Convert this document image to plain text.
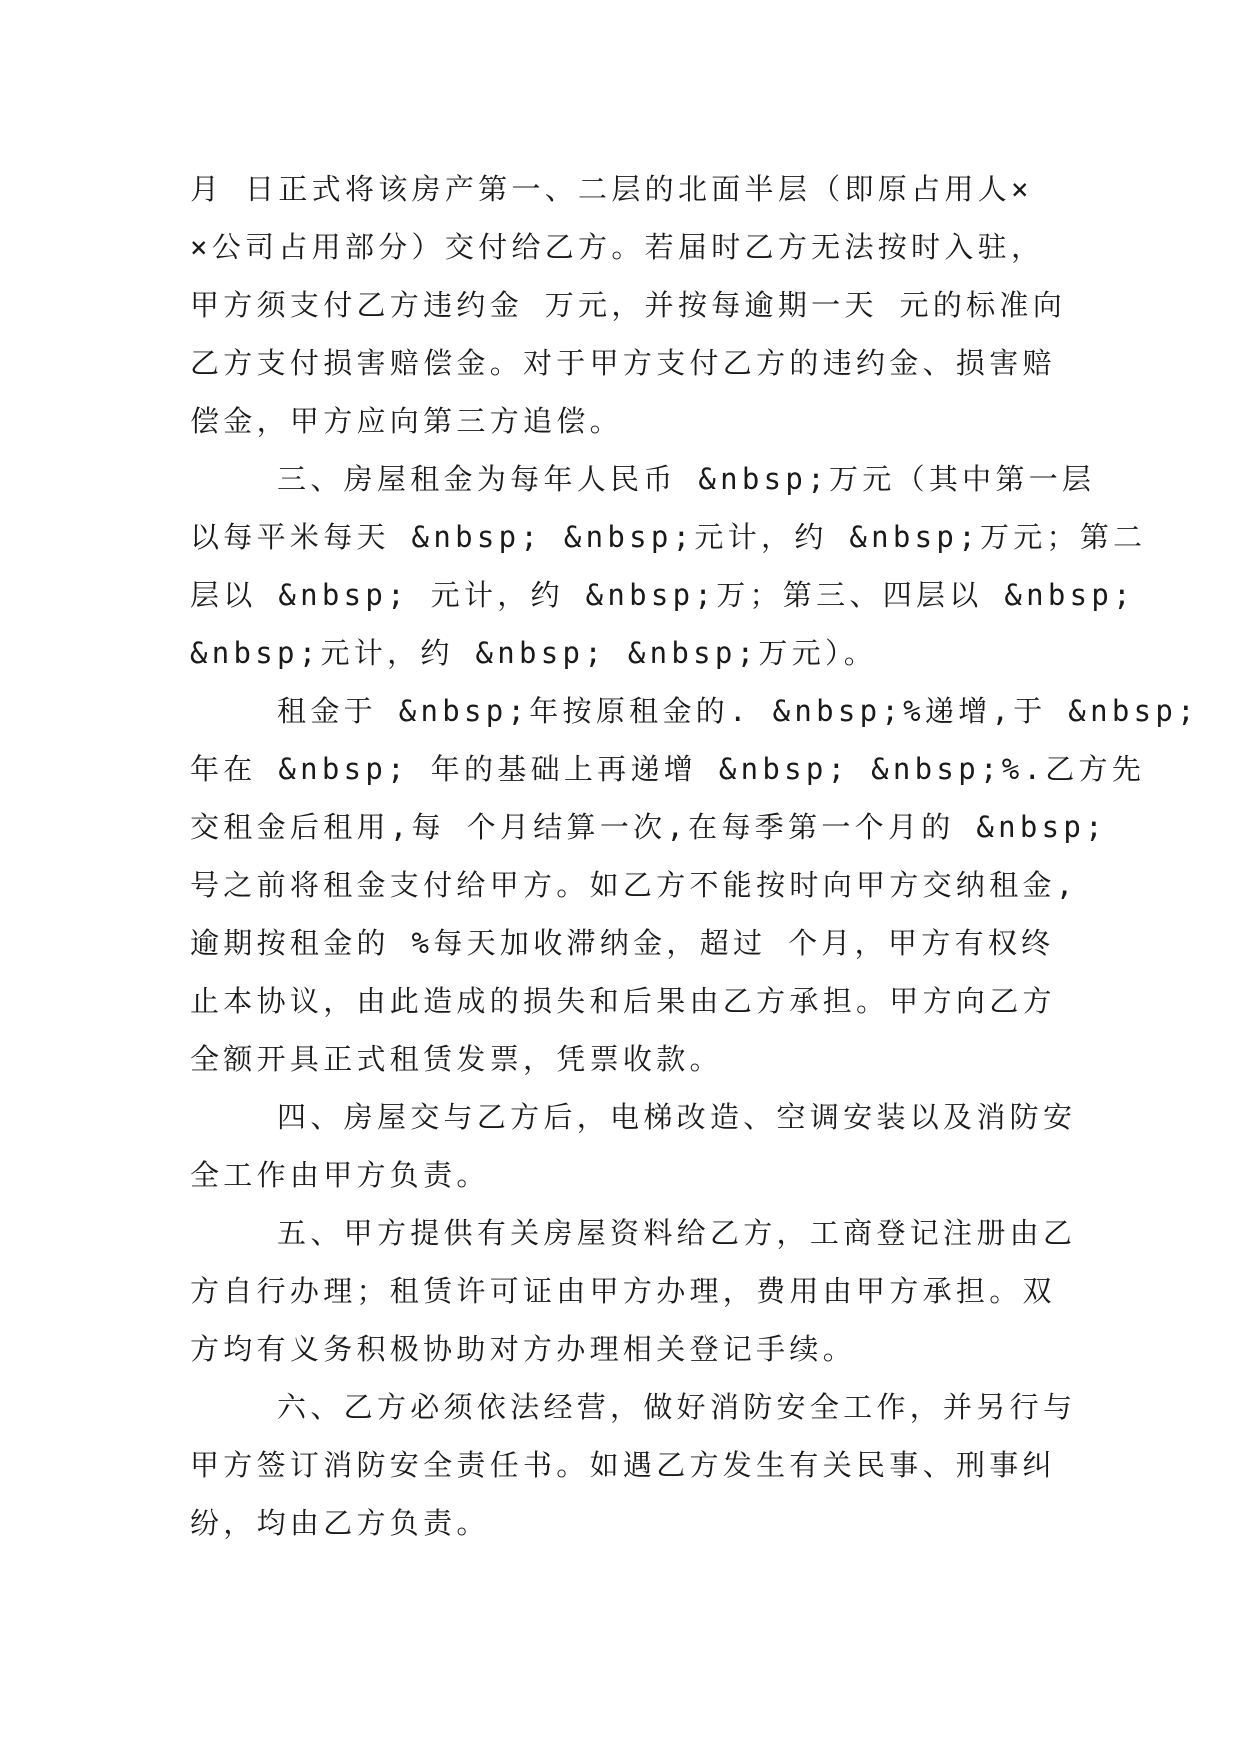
月 日正式将该房产第一、二层的北面半层（即原占用人×
×公司占用部分）交付给乙方。若届时乙方无法按时入驻，
甲方须支付乙方违约金 万元，并按每逾期一天 元的标准向
乙方支付损害赔偿金。对于甲方支付乙方的违约金、损害赔
偿金，甲方应向第三方追偿。
三、房屋租金为每年人民币 &nbsp;万元（其中第一层
以每平米每天 &nbsp; &nbsp;元计，约 &nbsp;万元；第二
层以 &nbsp; 元计，约 &nbsp;万；第三、四层以 &nbsp;
&nbsp;元计，约 &nbsp; &nbsp;万元）。
租金于 &nbsp;年按原租金的. &nbsp;%递增,于 &nbsp;
年在 &nbsp; 年的基础上再递增 &nbsp; &nbsp;%.乙方先
交租金后租用,每 个月结算一次,在每季第一个月的 &nbsp;
号之前将租金支付给甲方。如乙方不能按时向甲方交纳租金,
逾期按租金的 %每天加收滞纳金，超过 个月，甲方有权终
止本协议，由此造成的损失和后果由乙方承担。甲方向乙方
全额开具正式租赁发票，凭票收款。
四、房屋交与乙方后，电梯改造、空调安装以及消防安
全工作由甲方负责。
五、甲方提供有关房屋资料给乙方，工商登记注册由乙
方自行办理；租赁许可证由甲方办理，费用由甲方承担。双
方均有义务积极协助对方办理相关登记手续。
六、乙方必须依法经营，做好消防安全工作，并另行与
甲方签订消防安全责任书。如遇乙方发生有关民事、刑事纠
纷，均由乙方负责。
